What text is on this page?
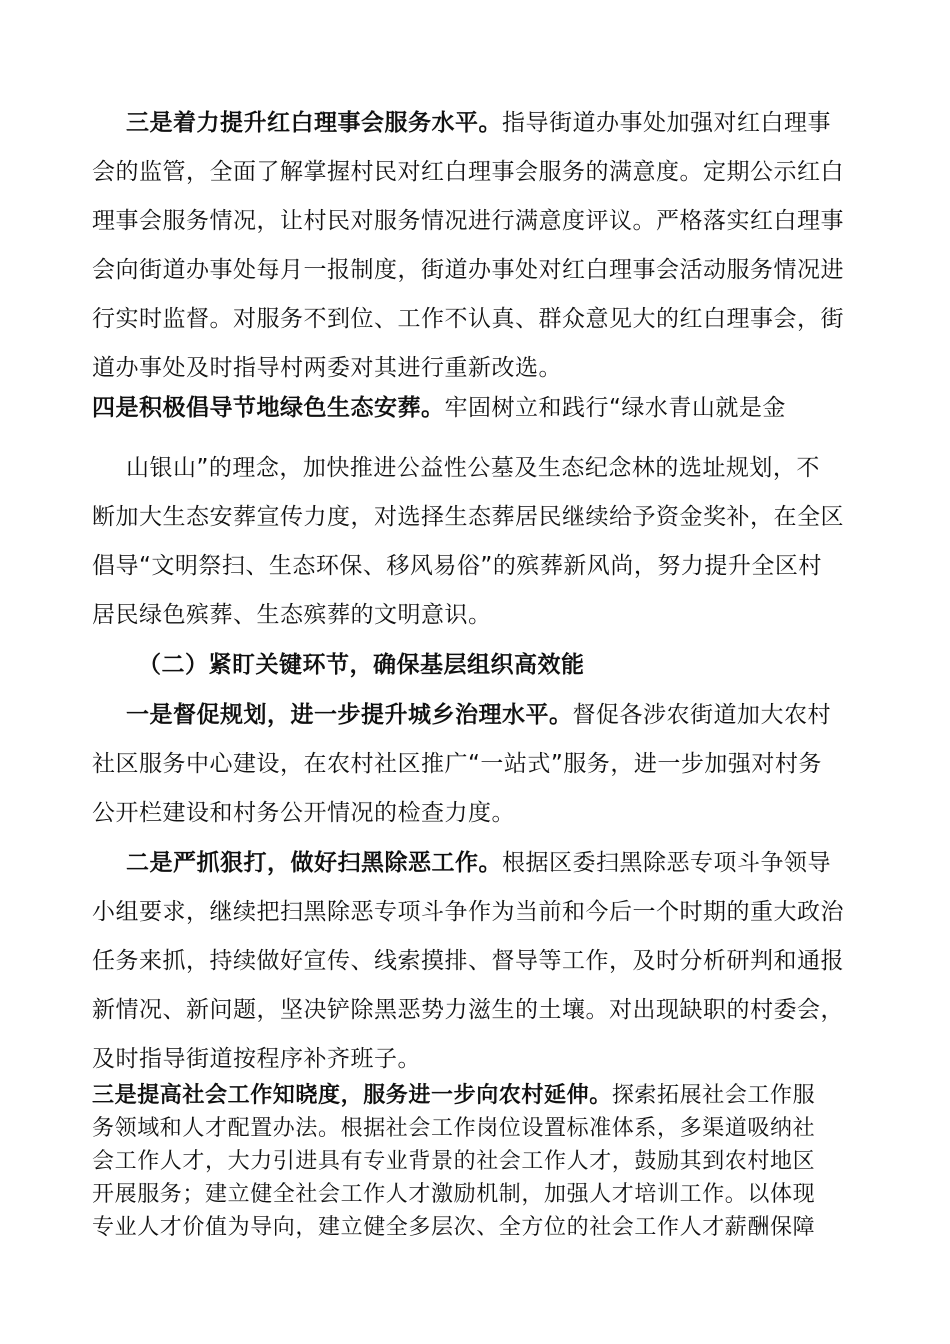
三是着力提升红白理事会服务水平。指导街道办事处加强对红白理事
会的监管，全面了解掌握村民对红白理事会服务的满意度。定期公示红白
理事会服务情况，让村民对服务情况进行满意度评议。严格落实红白理事
会向街道办事处每月一报制度，街道办事处对红白理事会活动服务情况进
行实时监督。对服务不到位、工作不认真、群众意见大的红白理事会，街
道办事处及时指导村两委对其进行重新改选。
四是积极倡导节地绿色生态安葬。牢固树立和践行“绿水青山就是金
山银山”的理念，加快推进公益性公墓及生态纪念林的选址规划，不
断加大生态安葬宣传力度，对选择生态葬居民继续给予资金奖补，在全区
倡导“文明祭扫、生态环保、移风易俗”的殡葬新风尚，努力提升全区村
居民绿色殡葬、生态殡葬的文明意识。
（二）紧盯关键环节，确保基层组织高效能
一是督促规划，进一步提升城乡治理水平。督促各涉农街道加大农村
社区服务中心建设，在农村社区推广“一站式”服务，进一步加强对村务
公开栏建设和村务公开情况的检查力度。
二是严抓狠打，做好扫黑除恶工作。根据区委扫黑除恶专项斗争领导
小组要求，继续把扫黑除恶专项斗争作为当前和今后一个时期的重大政治
任务来抓，持续做好宣传、线索摸排、督导等工作，及时分析研判和通报
新情况、新问题，坚决铲除黑恶势力滋生的土壤。对出现缺职的村委会，
及时指导街道按程序补齐班子。
三是提高社会工作知晓度，服务进一步向农村延伸。探索拓展社会工作服
务领域和人才配置办法。根据社会工作岗位设置标准体系，多渠道吸纳社
会工作人才，大力引进具有专业背景的社会工作人才，鼓励其到农村地区
开展服务；建立健全社会工作人才激励机制，加强人才培训工作。以体现
专业人才价值为导向，建立健全多层次、全方位的社会工作人才薪酬保障
